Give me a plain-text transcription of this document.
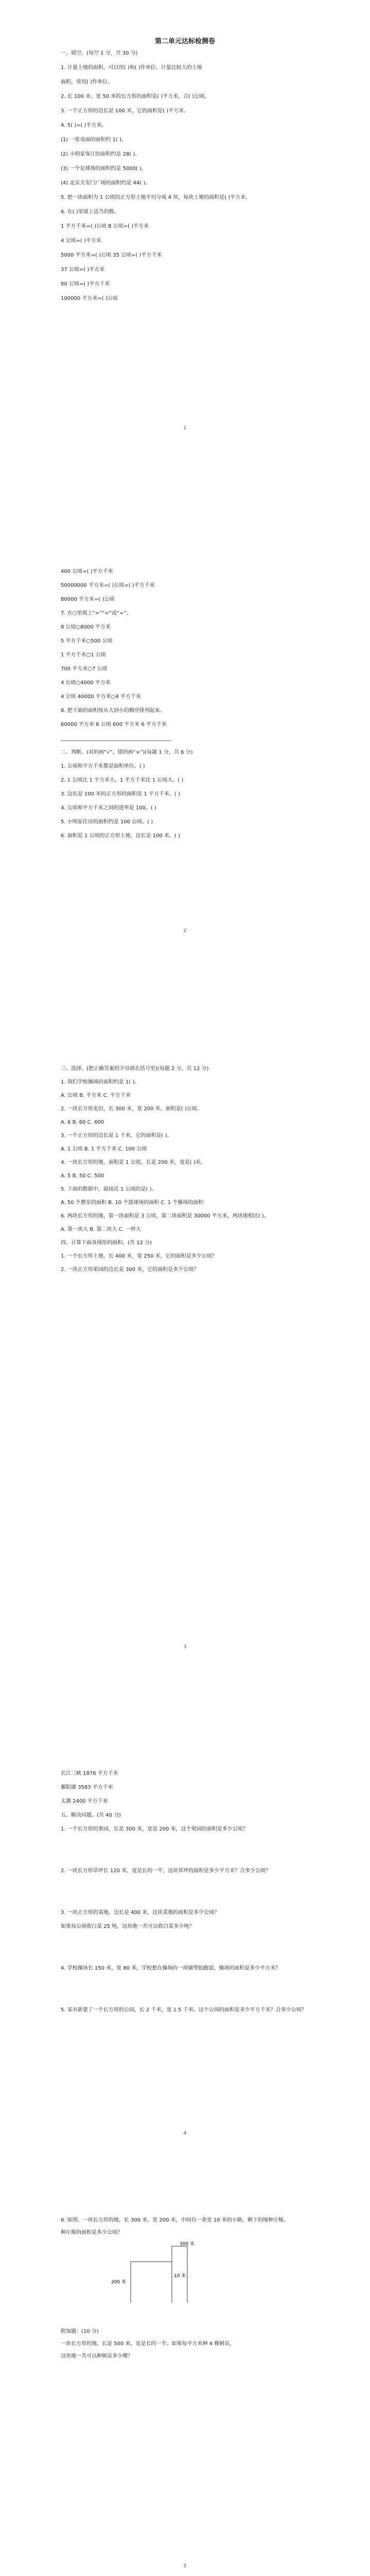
第二单元达标检测卷
一、填空。(每空 1 分，共 30 分)
1. 计量土地的面积，可以用( )和( )作单位。计量比较大的土地
面积，常用( )作单位。
2. 长 100 米、宽 50 米的长方形的面积是( )平方米，合( )公顷。
3. 一个正方形的边长是 100 米，它的面积是( )平方米。
4. 5( )=( )平方米。
(1) 一张桌面的面积约 1( )。
(2) 小明家客厅的面积约是 28( )。
(3) 一个足球场的面积约是 5000( )。
(4) 北京天安门广场的面积约是 44( )。
5. 把一块面积为 1 公顷的正方形土地平均分成 4 块，每块土地的面积是( )平方米。
6. 在( )里填上适当的数。
1 平方千米=( )公顷 8 公顷=( )平方米
4 公顷=( )平方米
5000 平方米=( )公顷 35 公顷=( )平方千米
37 公顷=( )平方米
80 公顷=( )平方千米
100000 平方米=( )公顷
1
400 公顷=( )平方千米
50000000 平方米=( )公顷=( )平方千米
80000 平方米=( )公顷
7. 在○里填上“>”“<”或“=”。
8 公顷○8000 平方米
5 平方千米○500 公顷
1 平方千米○1 公顷
700 平方米○7 公顷
4 公顷○4000 平方米
4 公顷 40000 平方米○4 平方千米
8. 把下面的面积按从大到小的顺序排列起来。
60000 平方米 6 公顷 600 平方米 6 平方千米
___________________________________________
二、判断。(对的画“√”，错的画“×”)(每题 1 分，共 6 分)
1. 公顷和平方千米都是面积单位。( )
2. 1 公顷比 1 平方米大，1 平方千米比 1 公顷大。( )
3. 边长是 100 米的正方形的面积是 1 平方千米。( )
4. 公顷和平方千米之间的进率是 100。( )
5. 小明家住房的面积约是 100 公顷。( )
6. 面积是 1 公顷的正方形土地，边长是 100 米。( )
2
三、选择。(把正确答案的字母填在括号里)(每题 2 分，共 12 分)
1. 我们学校操场的面积约是 1( )。
A. 公顷 B. 平方米 C. 平方千米
2. 一块长方形麦田，长 300 米，宽 200 米，面积是( )公顷。
A. 6 B. 60 C. 600
3. 一个正方形的边长是 1 千米，它的面积是( )。
A. 1 公顷 B. 1 平方千米 C. 100 公顷
4. 一块长方形的地，面积是 1 公顷，长是 200 米，宽是( )米。
A. 5 B. 50 C. 500
5. 下面的数据中，最接近 1 公顷的是( )。
A. 50 个教室的面积 B. 10 个篮球场的面积 C. 1 个操场的面积
6. 两块长方形的地，第一块面积是 3 公顷，第二块面积是 30000 平方米，两块地相比( )。
A. 第一块大 B. 第二块大 C. 一样大
四、计算下面各图形的面积。(共 12 分)
1. 一个长方形土地，长 400 米，宽 250 米，它的面积是多少公顷？
2. 一块正方形果园的边长是 300 米，它的面积是多少公顷？
3
长江三峡 1876 平方千米
鄱阳湖 3583 平方千米
太湖 2400 平方千米
五、解决问题。(共 40 分)
1. 一个长方形的果园，长是 300 米，宽是 200 米，这个果园的面积是多少公顷？
2. 一块长方形草坪长 120 米，宽是长的一半，这块草坪的面积是多少平方米？合多少公顷？
3. 一块正方形的菜地，边长是 400 米，这块菜地的面积是多少公顷？
如果每公顷收白菜 25 吨，这块地一共可以收白菜多少吨？
4. 学校操场长 150 米，宽 80 米，学校想在操场的一周铺塑胶跑道，操场的面积是多少平方米？
5. 某市新建了一个长方形的公园，长 2 千米，宽 1.5 千米。这个公园的面积是多少平方千米？合多少公顷？
4
6. 如图，一块长方形的地，长 300 米，宽 200 米，中间有一条宽 10 米的小路，剩下的地种庄稼。
种庄稼的面积是多少公顷？
附加题：(10 分)
一块长方形的地，长是 500 米，宽是长的一半。如果每平方米种 4 棵树苗，
这块地一共可以种树苗多少棵？
300 米
200 米
10 米
5
